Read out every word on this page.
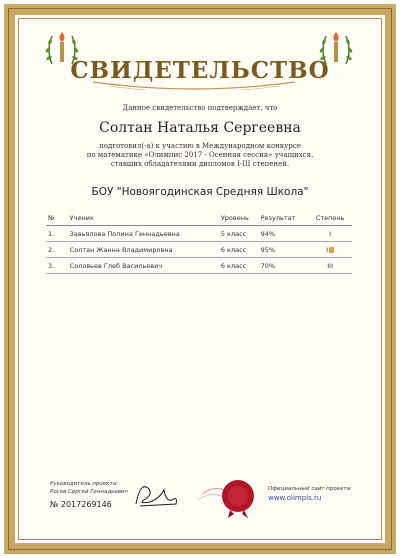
СВИДЕТЕЛЬСТВО
Данное свидетельство подтверждает, что
Солтан Наталья Сергеевна
подготовил(-а) к участию в Международном конкурсе
по математике «Олимпис 2017 - Осенняя сессия» учащихся,
ставших обладателями дипломов I-III степеней.
БОУ "Новоягодинская Средняя Школа"
№	Ученик	Уровень	Результат	Степень
1.	Завьялова Полина Геннадьевна	5 класс	94%	I
2.	Солтан Жанна Владимировна	6 класс	95%	I
3.	Соловьев Глеб Васильевич	6 класс	70%	III
Руководитель проекта:
Росов Сергей Геннадьевич
№ 2017269146
Официальный сайт проекта:
www.olimpis.ru
